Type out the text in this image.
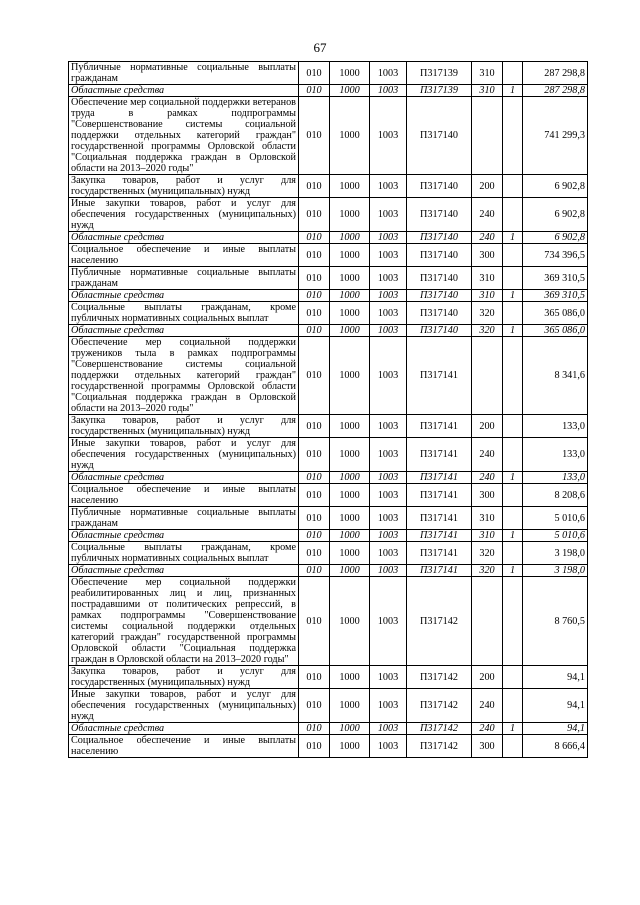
67
Публичные нормативные социальные выплаты гражданам	010	1000	1003	П317139	310		287 298,8
Областные средства	010	1000	1003	П317139	310	1	287 298,8
Обеспечение мер социальной поддержки ветеранов труда в рамках подпрограммы "Совершенствование системы социальной поддержки отдельных категорий граждан" государственной программы Орловской области "Социальная поддержка граждан в Орловской области на 2013–2020 годы"	010	1000	1003	П317140			741 299,3
Закупка товаров, работ и услуг для государственных (муниципальных) нужд	010	1000	1003	П317140	200		6 902,8
Иные закупки товаров, работ и услуг для обеспечения государственных (муниципальных) нужд	010	1000	1003	П317140	240		6 902,8
Областные средства	010	1000	1003	П317140	240	1	6 902,8
Социальное обеспечение и иные выплаты населению	010	1000	1003	П317140	300		734 396,5
Публичные нормативные социальные выплаты гражданам	010	1000	1003	П317140	310		369 310,5
Областные средства	010	1000	1003	П317140	310	1	369 310,5
Социальные выплаты гражданам, кроме публичных нормативных социальных выплат	010	1000	1003	П317140	320		365 086,0
Областные средства	010	1000	1003	П317140	320	1	365 086,0
Обеспечение мер социальной поддержки тружеников тыла в рамках подпрограммы "Совершенствование системы социальной поддержки отдельных категорий граждан" государственной программы Орловской области "Социальная поддержка граждан в Орловской области на 2013–2020 годы"	010	1000	1003	П317141			8 341,6
Закупка товаров, работ и услуг для государственных (муниципальных) нужд	010	1000	1003	П317141	200		133,0
Иные закупки товаров, работ и услуг для обеспечения государственных (муниципальных) нужд	010	1000	1003	П317141	240		133,0
Областные средства	010	1000	1003	П317141	240	1	133,0
Социальное обеспечение и иные выплаты населению	010	1000	1003	П317141	300		8 208,6
Публичные нормативные социальные выплаты гражданам	010	1000	1003	П317141	310		5 010,6
Областные средства	010	1000	1003	П317141	310	1	5 010,6
Социальные выплаты гражданам, кроме публичных нормативных социальных выплат	010	1000	1003	П317141	320		3 198,0
Областные средства	010	1000	1003	П317141	320	1	3 198,0
Обеспечение мер социальной поддержки реабилитированных лиц и лиц, признанных пострадавшими от политических репрессий, в рамках подпрограммы "Совершенствование системы социальной поддержки отдельных категорий граждан" государственной программы Орловской области "Социальная поддержка граждан в Орловской области на 2013–2020 годы"	010	1000	1003	П317142			8 760,5
Закупка товаров, работ и услуг для государственных (муниципальных) нужд	010	1000	1003	П317142	200		94,1
Иные закупки товаров, работ и услуг для обеспечения государственных (муниципальных) нужд	010	1000	1003	П317142	240		94,1
Областные средства	010	1000	1003	П317142	240	1	94,1
Социальное обеспечение и иные выплаты населению	010	1000	1003	П317142	300		8 666,4
